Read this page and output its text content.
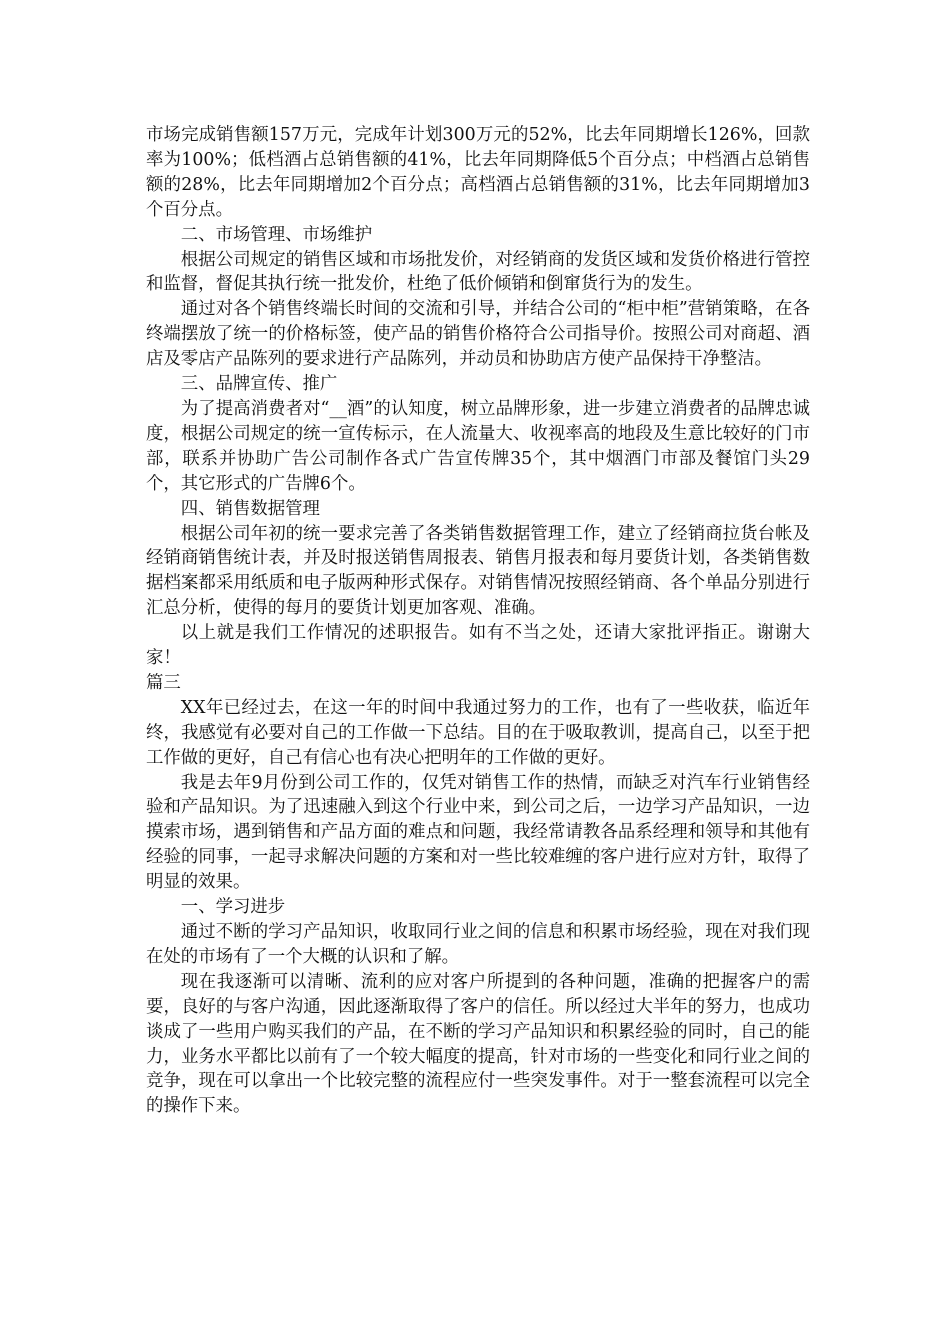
市场完成销售额157万元，完成年计划300万元的52%，比去年同期增长126%，回款率为100%；低档酒占总销售额的41%，比去年同期降低5个百分点；中档酒占总销售额的28%，比去年同期增加2个百分点；高档酒占总销售额的31%，比去年同期增加3个百分点。

二、市场管理、市场维护

根据公司规定的销售区域和市场批发价，对经销商的发货区域和发货价格进行管控和监督，督促其执行统一批发价，杜绝了低价倾销和倒窜货行为的发生。

通过对各个销售终端长时间的交流和引导，并结合公司的“柜中柜”营销策略，在各终端摆放了统一的价格标签，使产品的销售价格符合公司指导价。按照公司对商超、酒店及零店产品陈列的要求进行产品陈列，并动员和协助店方使产品保持干净整洁。

三、品牌宣传、推广

为了提高消费者对“__酒”的认知度，树立品牌形象，进一步建立消费者的品牌忠诚度，根据公司规定的统一宣传标示，在人流量大、收视率高的地段及生意比较好的门市部，联系并协助广告公司制作各式广告宣传牌35个，其中烟酒门市部及餐馆门头29个，其它形式的广告牌6个。

四、销售数据管理

根据公司年初的统一要求完善了各类销售数据管理工作，建立了经销商拉货台帐及经销商销售统计表，并及时报送销售周报表、销售月报表和每月要货计划，各类销售数据档案都采用纸质和电子版两种形式保存。对销售情况按照经销商、各个单品分别进行汇总分析，使得的每月的要货计划更加客观、准确。

以上就是我们工作情况的述职报告。如有不当之处，还请大家批评指正。谢谢大家！

篇三

XX年已经过去，在这一年的时间中我通过努力的工作，也有了一些收获，临近年终，我感觉有必要对自己的工作做一下总结。目的在于吸取教训，提高自己，以至于把工作做的更好，自己有信心也有决心把明年的工作做的更好。

我是去年9月份到公司工作的，仅凭对销售工作的热情，而缺乏对汽车行业销售经验和产品知识。为了迅速融入到这个行业中来，到公司之后，一边学习产品知识，一边摸索市场，遇到销售和产品方面的难点和问题，我经常请教各品系经理和领导和其他有经验的同事，一起寻求解决问题的方案和对一些比较难缠的客户进行应对方针，取得了明显的效果。

一、学习进步

通过不断的学习产品知识，收取同行业之间的信息和积累市场经验，现在对我们现在处的市场有了一个大概的认识和了解。

现在我逐渐可以清晰、流利的应对客户所提到的各种问题，准确的把握客户的需要，良好的与客户沟通，因此逐渐取得了客户的信任。所以经过大半年的努力，也成功谈成了一些用户购买我们的产品，在不断的学习产品知识和积累经验的同时，自己的能力，业务水平都比以前有了一个较大幅度的提高，针对市场的一些变化和同行业之间的竞争，现在可以拿出一个比较完整的流程应付一些突发事件。对于一整套流程可以完全的操作下来。
